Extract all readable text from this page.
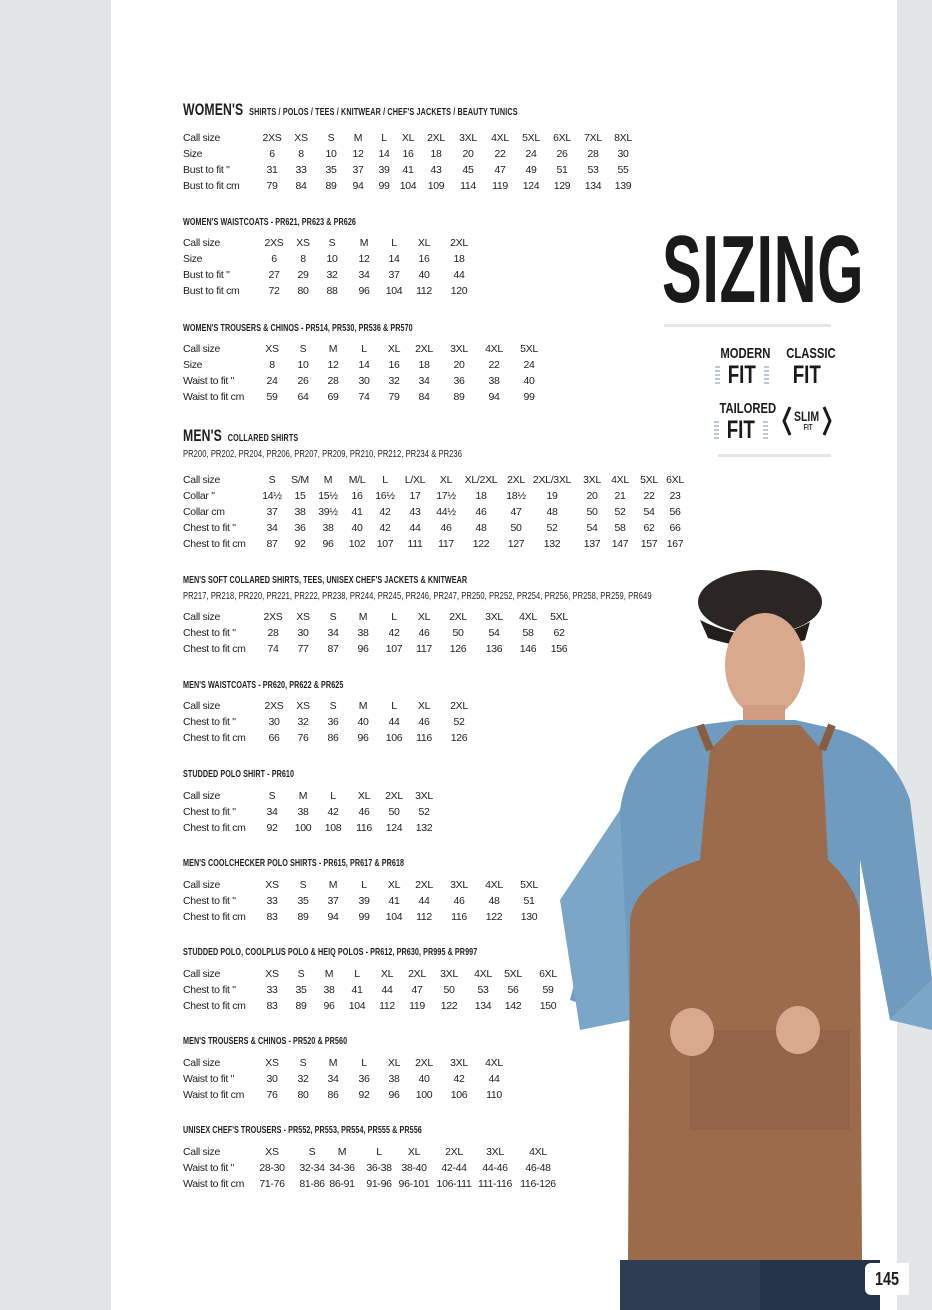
WOMEN'S SHIRTS / POLOS / TEES / KNITWEAR / CHEF'S JACKETS / BEAUTY TUNICS
WOMEN'S WAISTCOATS - PR621, PR623 & PR626
WOMEN'S TROUSERS & CHINOS - PR514, PR530, PR536 & PR570
MEN'S COLLARED SHIRTS
PR200, PR202, PR204, PR206, PR207, PR209, PR210, PR212, PR234 & PR236
MEN'S SOFT COLLARED SHIRTS, TEES, UNISEX CHEF'S JACKETS & KNITWEAR
PR217, PR218, PR220, PR221, PR222, PR238, PR244, PR245, PR246, PR247, PR250, PR252, PR254, PR256, PR258, PR259, PR649
MEN'S WAISTCOATS - PR620, PR622 & PR625
STUDDED POLO SHIRT - PR610
MEN'S COOLCHECKER POLO SHIRTS - PR615, PR617 & PR618
STUDDED POLO, COOLPLUS POLO & HEIQ POLOS - PR612, PR630, PR995 & PR997
MEN'S TROUSERS & CHINOS - PR520 & PR560
UNISEX CHEF'S TROUSERS - PR552, PR553, PR554, PR555 & PR556
Call size	2XS XS S M L XL 2XL 3XL 4XL 5XL 6XL 7XL 8XL
Size	6 8 10 12 14 16 18 20 22 24 26 28 30
Bust to fit "	31 33 35 37 39 41 43 45 47 49 51 53 55
Bust to fit cm	79 84 89 94 99 104 109 114 119 124 129 134 139
Call size	2XS XS S M L XL 2XL
Size	6 8 10 12 14 16 18
Bust to fit "	27 29 32 34 37 40 44
Bust to fit cm	72 80 88 96 104 112 120
Call size	XS S M L XL 2XL 3XL 4XL 5XL
Size	8 10 12 14 16 18 20 22 24
Waist to fit "	24 26 28 30 32 34 36 38 40
Waist to fit cm 59 64 69 74 79 84 89 94 99
Call size	S S/M M M/L L L/XL XL XL/2XL 2XL 2XL/3XL 3XL 4XL 5XL 6XL
Collar "	14½ 15 15½ 16 16½ 17 17½ 18 18½ 19	20 21 22 23
Collar cm	37 38 39½ 41 42 43 44½ 46 47 48	50 52 54 56
Chest to fit "	34 36 38 40 42 44 46 48 50 52	54 58 62 66
Chest to fit cm 87 92 96 102 107 111 117 122 127 132 137 147 157 167
Call size	2XS XS S M L XL 2XL 3XL 4XL 5XL
Chest to fit "	28 30 34 38 42 46 50 54 58 62
Chest to fit cm 74 77 87 96 107 117 126 136 146 156
Call size	2XS XS S M L XL 2XL
Chest to fit "	30 32 36 40 44 46 52
Chest to fit cm 66 76 86 96 106 116 126
Call size	S M L XL 2XL 3XL
Chest to fit "	34 38 42 46 50 52
Chest to fit cm 92 100 108 116 124 132
Call size	XS S M L XL 2XL 3XL 4XL 5XL
Chest to fit "	33 35 37 39 41 44 46 48 51
Chest to fit cm 83 89 94 99 104 112 116 122 130
Call size	XS S M L XL 2XL 3XL 4XL 5XL 6XL
Chest to fit "	33 35 38 41 44 47 50 53 56 59
Chest to fit cm 83 89 96 104 112 119 122 134 142 150
Call size	XS S M L XL 2XL 3XL 4XL
Waist to fit "	30 32 34 36 38 40 42 44
Waist to fit cm 76 80 86 92 96 100 106 110
Call size	XS	S M	L XL 2XL 3XL 4XL
Waist to fit " 28-30 32-34 34-36 36-38 38-40 42-44 44-46 46-48
Waist to fit cm 71-76 81-86 86-91 91-96 96-101 106-111 111-116 116-126
SIZING
MODERN
FIT
CLASSIC
FIT
TAILORED
FIT	SLIM
FIT
145
